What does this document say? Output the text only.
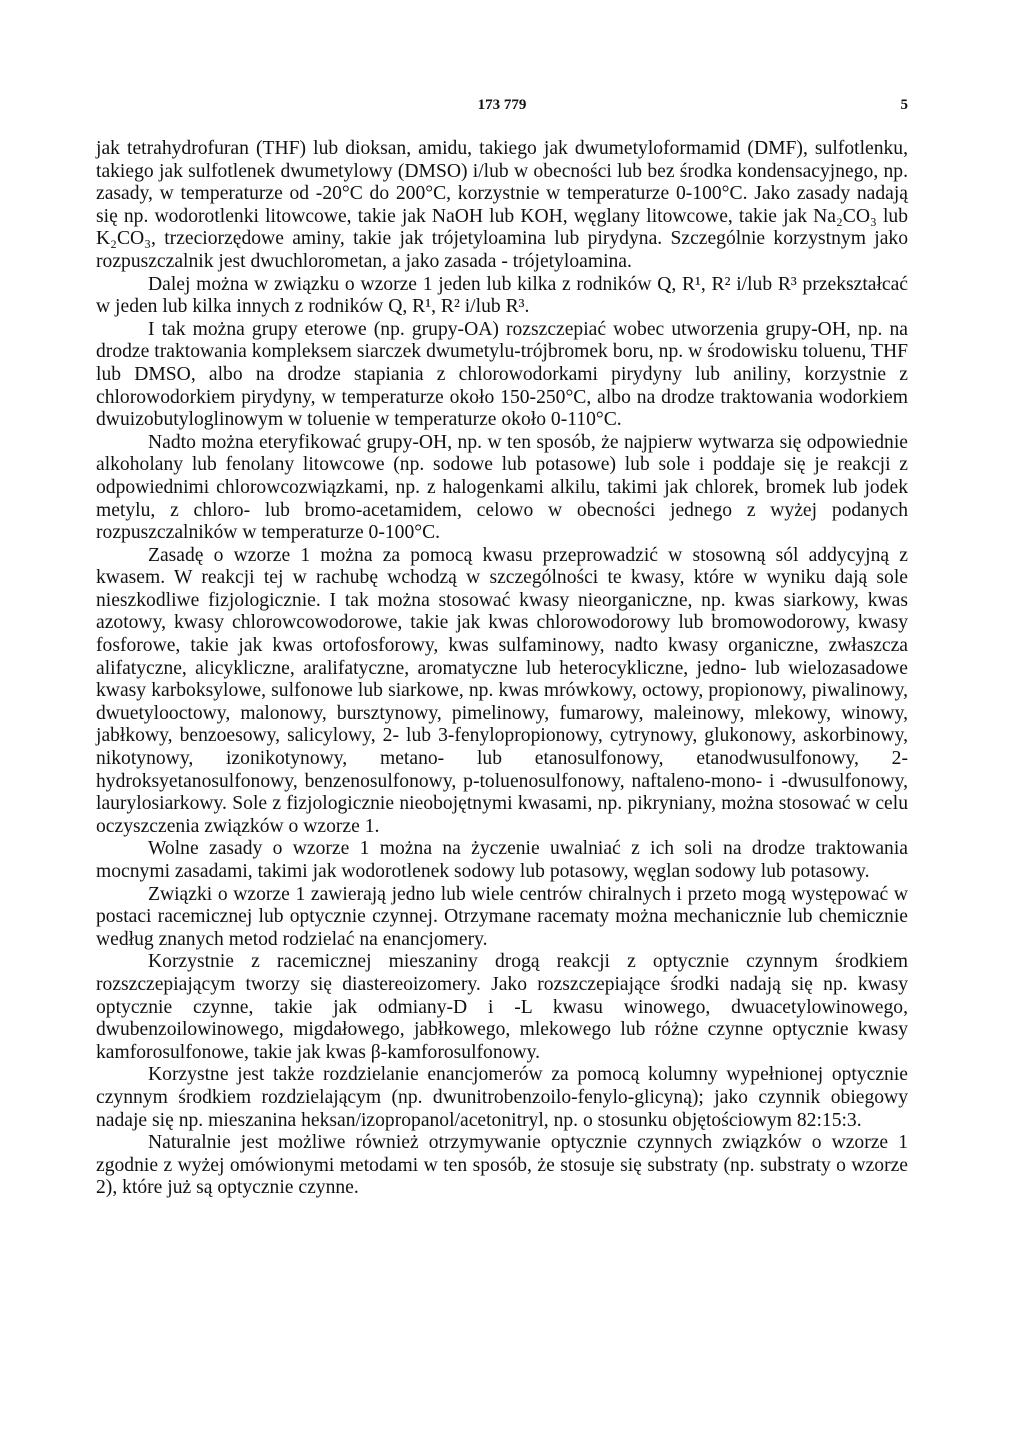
173 779	5

jak tetrahydrofuran (THF) lub dioksan, amidu, takiego jak dwumetyloformamid (DMF), sulfotlenku, takiego jak sulfotlenek dwumetylowy (DMSO) i/lub w obecności lub bez środka kondensacyjnego, np. zasady, w temperaturze od -20°C do 200°C, korzystnie w temperaturze 0-100°C. Jako zasady nadają się np. wodorotlenki litowcowe, takie jak NaOH lub KOH, węglany litowcowe, takie jak Na₂CO₃ lub K₂CO₃, trzeciorzędowe aminy, takie jak trójetyloamina lub pirydyna. Szczególnie korzystnym jako rozpuszczalnik jest dwuchlorometan, a jako zasada - trójetyloamina.

Dalej można w związku o wzorze 1 jeden lub kilka z rodników Q, R¹, R² i/lub R³ przekształcać w jeden lub kilka innych z rodników Q, R¹, R² i/lub R³.

I tak można grupy eterowe (np. grupy-OA) rozszczepiać wobec utworzenia grupy-OH, np. na drodze traktowania kompleksem siarczek dwumetylu-trójbromek boru, np. w środowisku toluenu, THF lub DMSO, albo na drodze stapiania z chlorowodorkami pirydyny lub aniliny, korzystnie z chlorowodorkiem pirydyny, w temperaturze około 150-250°C, albo na drodze traktowania wodorkiem dwuizobutyloglinowym w toluenie w temperaturze około 0-110°C.

Nadto można eteryfikować grupy-OH, np. w ten sposób, że najpierw wytwarza się odpowiednie alkoholany lub fenolany litowcowe (np. sodowe lub potasowe) lub sole i poddaje się je reakcji z odpowiednimi chlorowcozwiązkami, np. z halogenkami alkilu, takimi jak chlorek, bromek lub jodek metylu, z chloro- lub bromo-acetamidem, celowo w obecności jednego z wyżej podanych rozpuszczalników w temperaturze 0-100°C.

Zasadę o wzorze 1 można za pomocą kwasu przeprowadzić w stosowną sól addycyjną z kwasem. W reakcji tej w rachubę wchodzą w szczególności te kwasy, które w wyniku dają sole nieszkodliwe fizjologicznie. I tak można stosować kwasy nieorganiczne, np. kwas siarkowy, kwas azotowy, kwasy chlorowcowodorowe, takie jak kwas chlorowodorowy lub bromowodorowy, kwasy fosforowe, takie jak kwas ortofosforowy, kwas sulfaminowy, nadto kwasy organiczne, zwłaszcza alifatyczne, alicykliczne, aralifatyczne, aromatyczne lub heterocykliczne, jedno- lub wielozasadowe kwasy karboksylowe, sulfonowe lub siarkowe, np. kwas mrówkowy, octowy, propionowy, piwalinowy, dwuetylooctowy, malonowy, bursztynowy, pimelinowy, fumarowy, maleinowy, mlekowy, winowy, jabłkowy, benzoesowy, salicylowy, 2- lub 3-fenylopropionowy, cytrynowy, glukonowy, askorbinowy, nikotynowy, izonikotynowy, metano- lub etanosulfonowy, etanodwusulfonowy, 2-hydroksyetanosulfonowy, benzenosulfonowy, p-toluenosulfonowy, naftaleno-mono- i -dwusulfonowy, laurylosiarkowy. Sole z fizjologicznie nieobojętnymi kwasami, np. pikryniany, można stosować w celu oczyszczenia związków o wzorze 1.

Wolne zasady o wzorze 1 można na życzenie uwalniać z ich soli na drodze traktowania mocnymi zasadami, takimi jak wodorotlenek sodowy lub potasowy, węglan sodowy lub potasowy.

Związki o wzorze 1 zawierają jedno lub wiele centrów chiralnych i przeto mogą występować w postaci racemicznej lub optycznie czynnej. Otrzymane racematy można mechanicznie lub chemicznie według znanych metod rodzielać na enancjomery.

Korzystnie z racemicznej mieszaniny drogą reakcji z optycznie czynnym środkiem rozszczepiającym tworzy się diastereoizomery. Jako rozszczepiające środki nadają się np. kwasy optycznie czynne, takie jak odmiany-D i -L kwasu winowego, dwuacetylowinowego, dwubenzoilowinowego, migdałowego, jabłkowego, mlekowego lub różne czynne optycznie kwasy kamforosulfonowe, takie jak kwas β-kamforosulfonowy.

Korzystne jest także rozdzielanie enancjomerów za pomocą kolumny wypełnionej optycznie czynnym środkiem rozdzielającym (np. dwunitrobenzoilo-fenylo-glicyną); jako czynnik obiegowy nadaje się np. mieszanina heksan/izopropanol/acetonitryl, np. o stosunku objętościowym 82:15:3.

Naturalnie jest możliwe również otrzymywanie optycznie czynnych związków o wzorze 1 zgodnie z wyżej omówionymi metodami w ten sposób, że stosuje się substraty (np. substraty o wzorze 2), które już są optycznie czynne.
